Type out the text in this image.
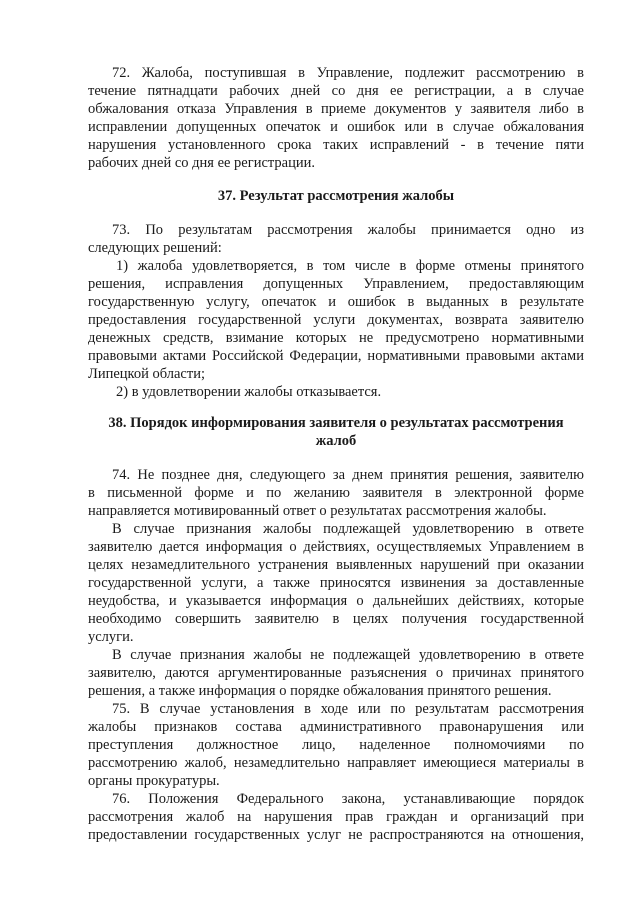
72. Жалоба, поступившая в Управление, подлежит рассмотрению в
течение пятнадцати рабочих дней со дня ее регистрации, а в случае
обжалования отказа Управления в приеме документов у заявителя либо в
исправлении допущенных опечаток и ошибок или в случае обжалования
нарушения установленного срока таких исправлений - в течение пяти
рабочих дней со дня ее регистрации.
37. Результат рассмотрения жалобы
73. По результатам рассмотрения жалобы принимается одно из
следующих решений:
1) жалоба удовлетворяется, в том числе в форме отмены принятого
решения, исправления допущенных Управлением, предоставляющим
государственную услугу, опечаток и ошибок в выданных в результате
предоставления государственной услуги документах, возврата заявителю
денежных средств, взимание которых не предусмотрено нормативными
правовыми актами Российской Федерации, нормативными правовыми актами
Липецкой области;
2) в удовлетворении жалобы отказывается.
38. Порядок информирования заявителя о результатах рассмотрения
жалоб
74. Не позднее дня, следующего за днем принятия решения, заявителю
в письменной форме и по желанию заявителя в электронной форме
направляется мотивированный ответ о результатах рассмотрения жалобы.
В случае признания жалобы подлежащей удовлетворению в ответе
заявителю дается информация о действиях, осуществляемых Управлением в
целях незамедлительного устранения выявленных нарушений при оказании
государственной услуги, а также приносятся извинения за доставленные
неудобства, и указывается информация о дальнейших действиях, которые
необходимо совершить заявителю в целях получения государственной
услуги.
В случае признания жалобы не подлежащей удовлетворению в ответе
заявителю, даются аргументированные разъяснения о причинах принятого
решения, а также информация о порядке обжалования принятого решения.
75. В случае установления в ходе или по результатам рассмотрения
жалобы признаков состава административного правонарушения или
преступления должностное лицо, наделенное полномочиями по
рассмотрению жалоб, незамедлительно направляет имеющиеся материалы в
органы прокуратуры.
76. Положения Федерального закона, устанавливающие порядок
рассмотрения жалоб на нарушения прав граждан и организаций при
предоставлении государственных услуг не распространяются на отношения,
